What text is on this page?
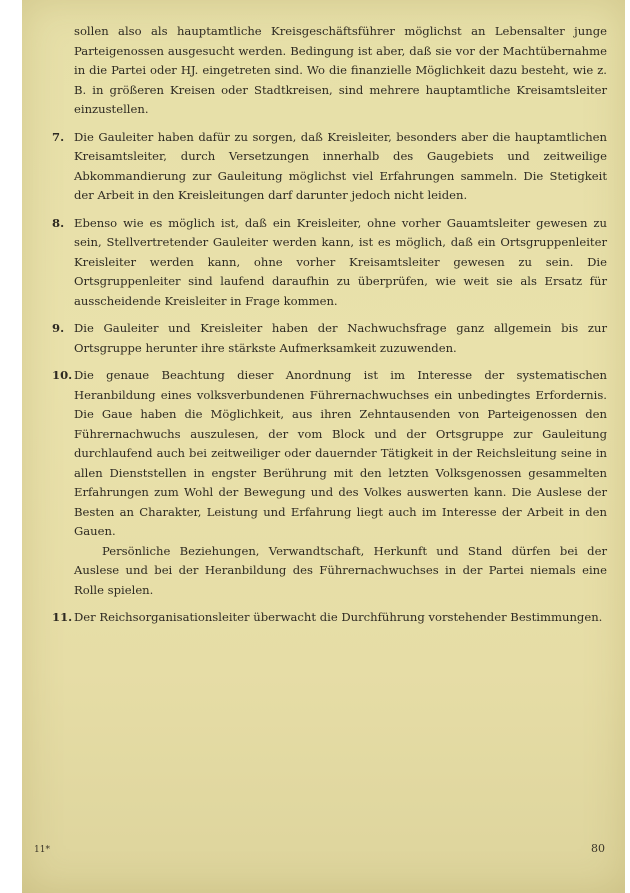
sollen also als hauptamtliche Kreisgeschäftsführer möglichst an Lebensalter junge Parteigenossen ausgesucht werden. Bedingung ist aber, daß sie vor der Machtübernahme in die Partei oder HJ. eingetreten sind. Wo die finanzielle Möglichkeit dazu besteht, wie z. B. in größeren Kreisen oder Stadtkreisen, sind mehrere hauptamtliche Kreisamtsleiter einzustellen.

7. Die Gauleiter haben dafür zu sorgen, daß Kreisleiter, besonders aber die hauptamtlichen Kreisamtsleiter, durch Versetzungen innerhalb des Gaugebiets und zeitweilige Abkommandierung zur Gauleitung möglichst viel Erfahrungen sammeln. Die Stetigkeit der Arbeit in den Kreisleitungen darf darunter jedoch nicht leiden.
8. Ebenso wie es möglich ist, daß ein Kreisleiter, ohne vorher Gauamtsleiter gewesen zu sein, Stellvertretender Gauleiter werden kann, ist es möglich, daß ein Ortsgruppenleiter Kreisleiter werden kann, ohne vorher Kreisamtsleiter gewesen zu sein. Die Ortsgruppenleiter sind laufend daraufhin zu überprüfen, wie weit sie als Ersatz für ausscheidende Kreisleiter in Frage kommen.
9. Die Gauleiter und Kreisleiter haben der Nachwuchsfrage ganz allgemein bis zur Ortsgruppe herunter ihre stärkste Aufmerksamkeit zuzuwenden.
10. Die genaue Beachtung dieser Anordnung ist im Interesse der systematischen Heranbildung eines volksverbundenen Führernachwuchses ein unbedingtes Erfordernis. Die Gaue haben die Möglichkeit, aus ihren Zehntausenden von Parteigenossen den Führernachwuchs auszulesen, der vom Block und der Ortsgruppe zur Gauleitung durchlaufend auch bei zeitweiliger oder dauernder Tätigkeit in der Reichsleitung seine in allen Dienststellen in engster Berührung mit den letzten Volksgenossen gesammelten Erfahrungen zum Wohl der Bewegung und des Volkes auswerten kann. Die Auslese der Besten an Charakter, Leistung und Erfahrung liegt auch im Interesse der Arbeit in den Gauen.
Persönliche Beziehungen, Verwandtschaft, Herkunft und Stand dürfen bei der Auslese und bei der Heranbildung des Führernachwuchses in der Partei niemals eine Rolle spielen.
11. Der Reichsorganisationsleiter überwacht die Durchführung vorstehender Bestimmungen.
11*	80
